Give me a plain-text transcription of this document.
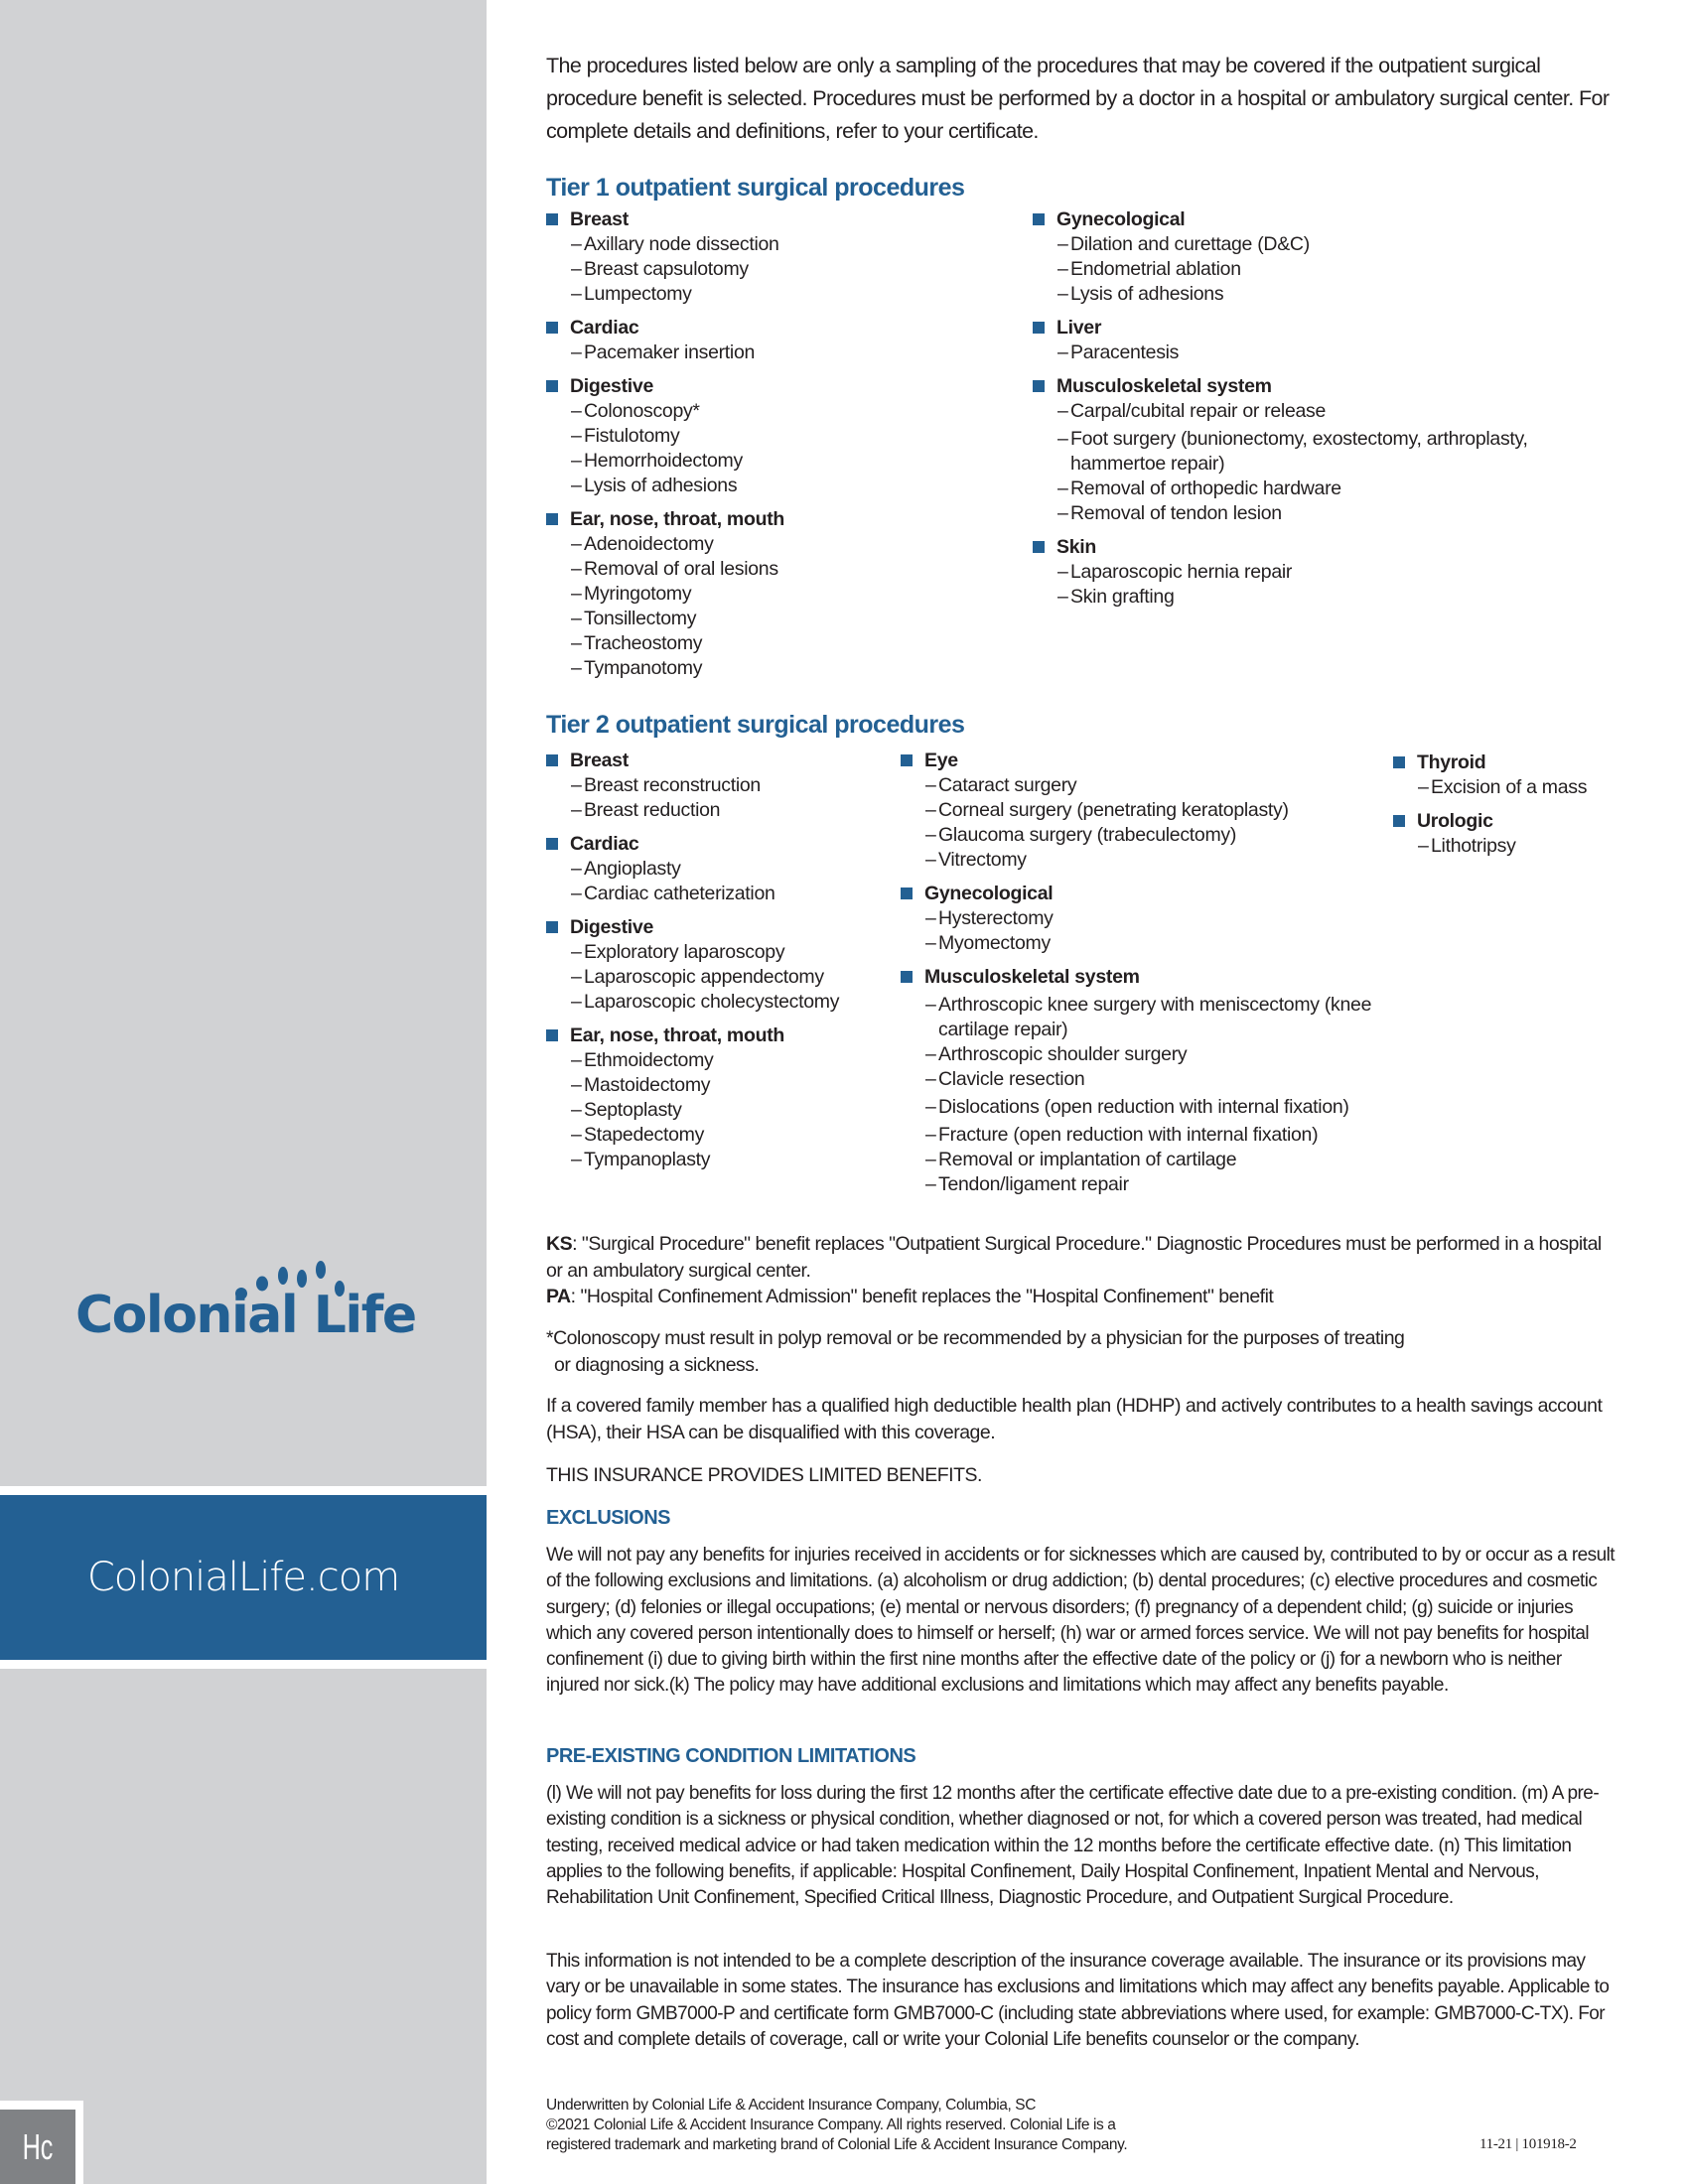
Colonial Life
ColonialLife.com
Hc

The procedures listed below are only a sampling of the procedures that may be covered if the outpatient surgical procedure benefit is selected. Procedures must be performed by a doctor in a hospital or ambulatory surgical center. For complete details and definitions, refer to your certificate.

Tier 1 outpatient surgical procedures
Breast
– Axillary node dissection
– Breast capsulotomy
– Lumpectomy
Cardiac
– Pacemaker insertion
Digestive
– Colonoscopy*
– Fistulotomy
– Hemorrhoidectomy
– Lysis of adhesions
Ear, nose, throat, mouth
– Adenoidectomy
– Removal of oral lesions
– Myringotomy
– Tonsillectomy
– Tracheostomy
– Tympanotomy
Gynecological
– Dilation and curettage (D&C)
– Endometrial ablation
– Lysis of adhesions
Liver
– Paracentesis
Musculoskeletal system
– Carpal/cubital repair or release
– Foot surgery (bunionectomy, exostectomy, arthroplasty, hammertoe repair)
– Removal of orthopedic hardware
– Removal of tendon lesion
Skin
– Laparoscopic hernia repair
– Skin grafting
Tier 2 outpatient surgical procedures
Breast
– Breast reconstruction
– Breast reduction
Cardiac
– Angioplasty
– Cardiac catheterization
Digestive
– Exploratory laparoscopy
– Laparoscopic appendectomy
– Laparoscopic cholecystectomy
Ear, nose, throat, mouth
– Ethmoidectomy
– Mastoidectomy
– Septoplasty
– Stapedectomy
– Tympanoplasty
Eye
– Cataract surgery
– Corneal surgery (penetrating keratoplasty)
– Glaucoma surgery (trabeculectomy)
– Vitrectomy
Gynecological
– Hysterectomy
– Myomectomy
Musculoskeletal system
– Arthroscopic knee surgery with meniscectomy (knee cartilage repair)
– Arthroscopic shoulder surgery
– Clavicle resection
– Dislocations (open reduction with internal fixation)
– Fracture (open reduction with internal fixation)
– Removal or implantation of cartilage
– Tendon/ligament repair
Thyroid
– Excision of a mass
Urologic
– Lithotripsy
KS: "Surgical Procedure" benefit replaces "Outpatient Surgical Procedure." Diagnostic Procedures must be performed in a hospital or an ambulatory surgical center.
PA: "Hospital Confinement Admission" benefit replaces the "Hospital Confinement" benefit
*Colonoscopy must result in polyp removal or be recommended by a physician for the purposes of treating
or diagnosing a sickness.
If a covered family member has a qualified high deductible health plan (HDHP) and actively contributes to a health savings account (HSA), their HSA can be disqualified with this coverage.
THIS INSURANCE PROVIDES LIMITED BENEFITS.
EXCLUSIONS

We will not pay any benefits for injuries received in accidents or for sicknesses which are caused by, contributed to by or occur as a result of the following exclusions and limitations. (a) alcoholism or drug addiction; (b) dental procedures; (c) elective procedures and cosmetic surgery; (d) felonies or illegal occupations; (e) mental or nervous disorders; (f) pregnancy of a dependent child; (g) suicide or injuries which any covered person intentionally does to himself or herself; (h) war or armed forces service. We will not pay benefits for hospital confinement (i) due to giving birth within the first nine months after the effective date of the policy or (j) for a newborn who is neither injured nor sick.(k) The policy may have additional exclusions and limitations which may affect any benefits payable.

PRE-EXISTING CONDITION LIMITATIONS

(l) We will not pay benefits for loss during the first 12 months after the certificate effective date due to a pre-existing condition. (m) A pre-existing condition is a sickness or physical condition, whether diagnosed or not, for which a covered person was treated, had medical testing, received medical advice or had taken medication within the 12 months before the certificate effective date. (n) This limitation applies to the following benefits, if applicable: Hospital Confinement, Daily Hospital Confinement, Inpatient Mental and Nervous, Rehabilitation Unit Confinement, Specified Critical Illness, Diagnostic Procedure, and Outpatient Surgical Procedure.

This information is not intended to be a complete description of the insurance coverage available. The insurance or its provisions may vary or be unavailable in some states. The insurance has exclusions and limitations which may affect any benefits payable. Applicable to policy form GMB7000-P and certificate form GMB7000-C (including state abbreviations where used, for example: GMB7000-C-TX). For cost and complete details of coverage, call or write your Colonial Life benefits counselor or the company.

Underwritten by Colonial Life & Accident Insurance Company, Columbia, SC
©2021 Colonial Life & Accident Insurance Company. All rights reserved. Colonial Life is a
registered trademark and marketing brand of Colonial Life & Accident Insurance Company.	11-21 | 101918-2
